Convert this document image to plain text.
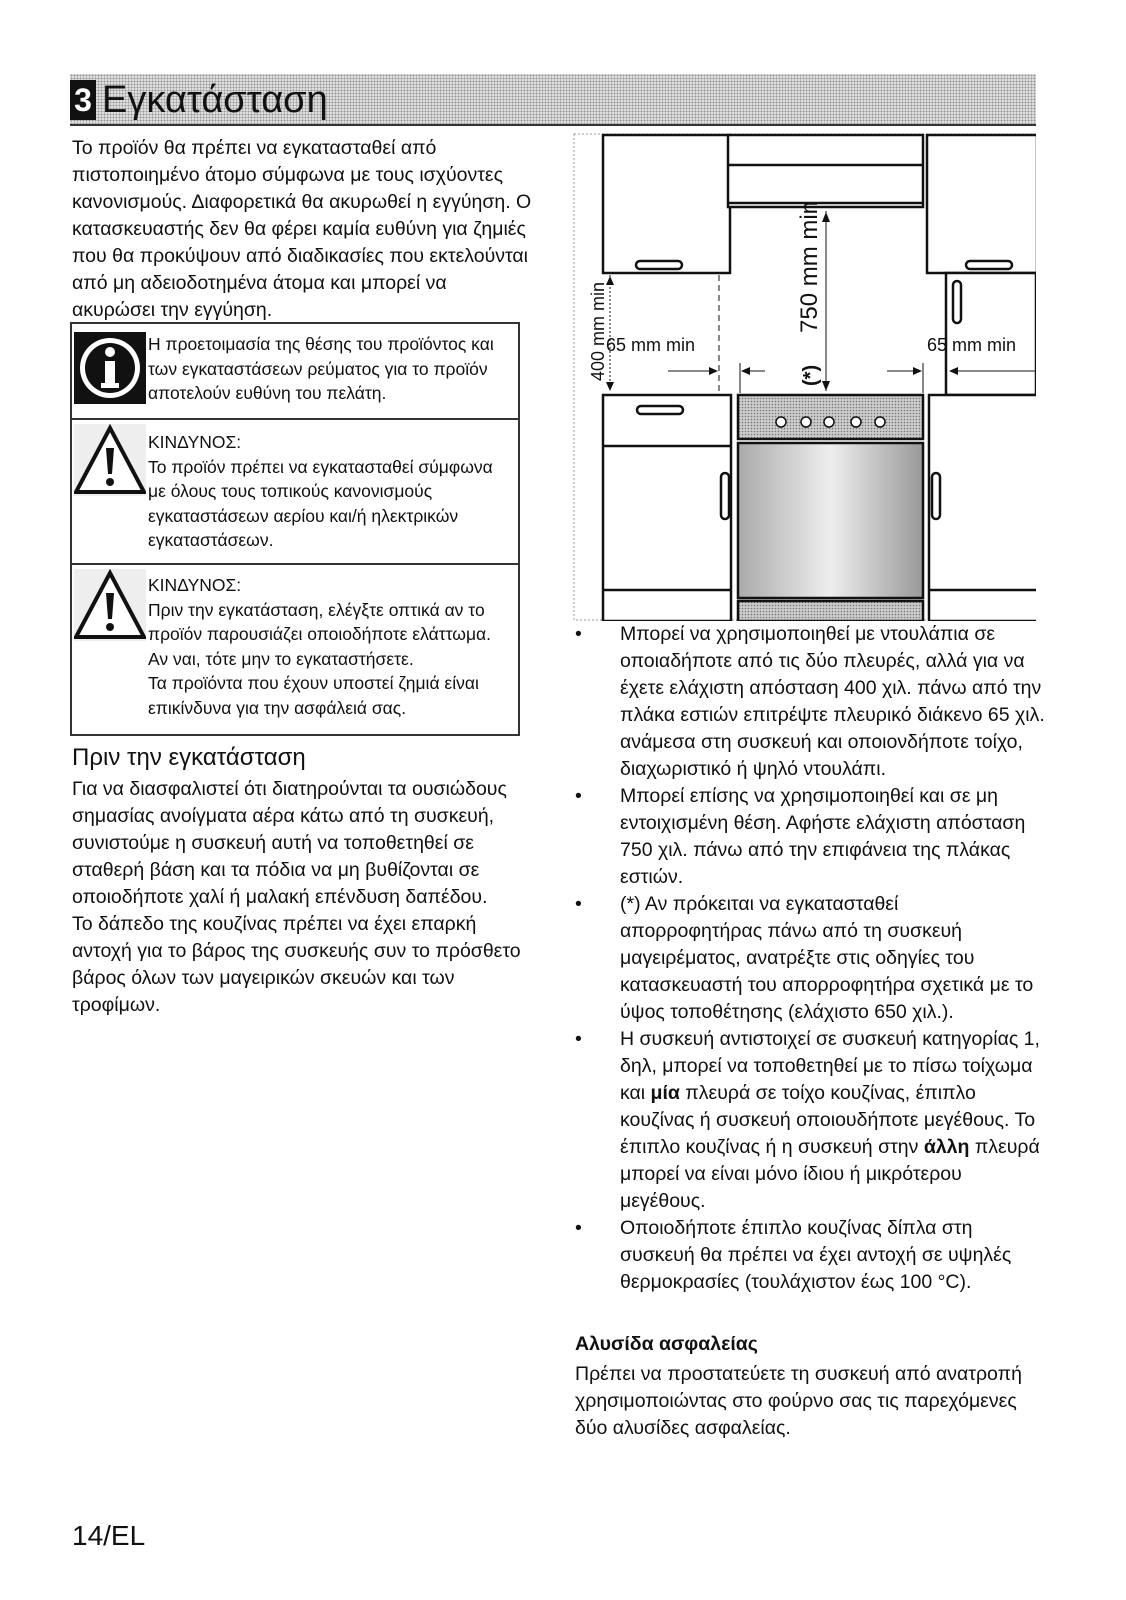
3 Εγκατάσταση
Το προϊόν θα πρέπει να εγκατασταθεί από πιστοποιημένο άτομο σύμφωνα με τους ισχύοντες κανονισμούς. Διαφορετικά θα ακυρωθεί η εγγύηση. Ο κατασκευαστής δεν θα φέρει καμία ευθύνη για ζημιές που θα προκύψουν από διαδικασίες που εκτελούνται από μη αδειοδοτημένα άτομα και μπορεί να ακυρώσει την εγγύηση.
Η προετοιμασία της θέσης του προϊόντος και των εγκαταστάσεων ρεύματος για το προϊόν αποτελούν ευθύνη του πελάτη.
ΚΙΝΔΥΝΟΣ:
Το προϊόν πρέπει να εγκατασταθεί σύμφωνα με όλους τους τοπικούς κανονισμούς εγκαταστάσεων αερίου και/ή ηλεκτρικών εγκαταστάσεων.
ΚΙΝΔΥΝΟΣ:
Πριν την εγκατάσταση, ελέγξτε οπτικά αν το προϊόν παρουσιάζει οποιοδήποτε ελάττωμα. Αν ναι, τότε μην το εγκαταστήσετε.
Τα προϊόντα που έχουν υποστεί ζημιά είναι επικίνδυνα για την ασφάλειά σας.
Πριν την εγκατάσταση
Για να διασφαλιστεί ότι διατηρούνται τα ουσιώδους σημασίας ανοίγματα αέρα κάτω από τη συσκευή, συνιστούμε η συσκευή αυτή να τοποθετηθεί σε σταθερή βάση και τα πόδια να μη βυθίζονται σε οποιοδήποτε χαλί ή μαλακή επένδυση δαπέδου.
Το δάπεδο της κουζίνας πρέπει να έχει επαρκή αντοχή για το βάρος της συσκευής συν το πρόσθετο βάρος όλων των μαγειρικών σκευών και των τροφίμων.
65 mm min	65 mm min
400 mm min	750 mm min
(*)
• Μπορεί να χρησιμοποιηθεί με ντουλάπια σε οποιαδήποτε από τις δύο πλευρές, αλλά για να έχετε ελάχιστη απόσταση 400 χιλ. πάνω από την πλάκα εστιών επιτρέψτε πλευρικό διάκενο 65 χιλ. ανάμεσα στη συσκευή και οποιονδήποτε τοίχο, διαχωριστικό ή ψηλό ντουλάπι.
• Μπορεί επίσης να χρησιμοποιηθεί και σε μη εντοιχισμένη θέση. Αφήστε ελάχιστη απόσταση 750 χιλ. πάνω από την επιφάνεια της πλάκας εστιών.
• (*) Αν πρόκειται να εγκατασταθεί απορροφητήρας πάνω από τη συσκευή μαγειρέματος, ανατρέξτε στις οδηγίες του κατασκευαστή του απορροφητήρα σχετικά με το ύψος τοποθέτησης (ελάχιστο 650 χιλ.).
• Η συσκευή αντιστοιχεί σε συσκευή κατηγορίας 1, δηλ, μπορεί να τοποθετηθεί με το πίσω τοίχωμα και μία πλευρά σε τοίχο κουζίνας, έπιπλο κουζίνας ή συσκευή οποιουδήποτε μεγέθους. Το έπιπλο κουζίνας ή η συσκευή στην άλλη πλευρά μπορεί να είναι μόνο ίδιου ή μικρότερου μεγέθους.
• Οποιοδήποτε έπιπλο κουζίνας δίπλα στη συσκευή θα πρέπει να έχει αντοχή σε υψηλές θερμοκρασίες (τουλάχιστον έως 100 °C).
Αλυσίδα ασφαλείας
Πρέπει να προστατεύετε τη συσκευή από ανατροπή χρησιμοποιώντας στο φούρνο σας τις παρεχόμενες δύο αλυσίδες ασφαλείας.
14/EL
